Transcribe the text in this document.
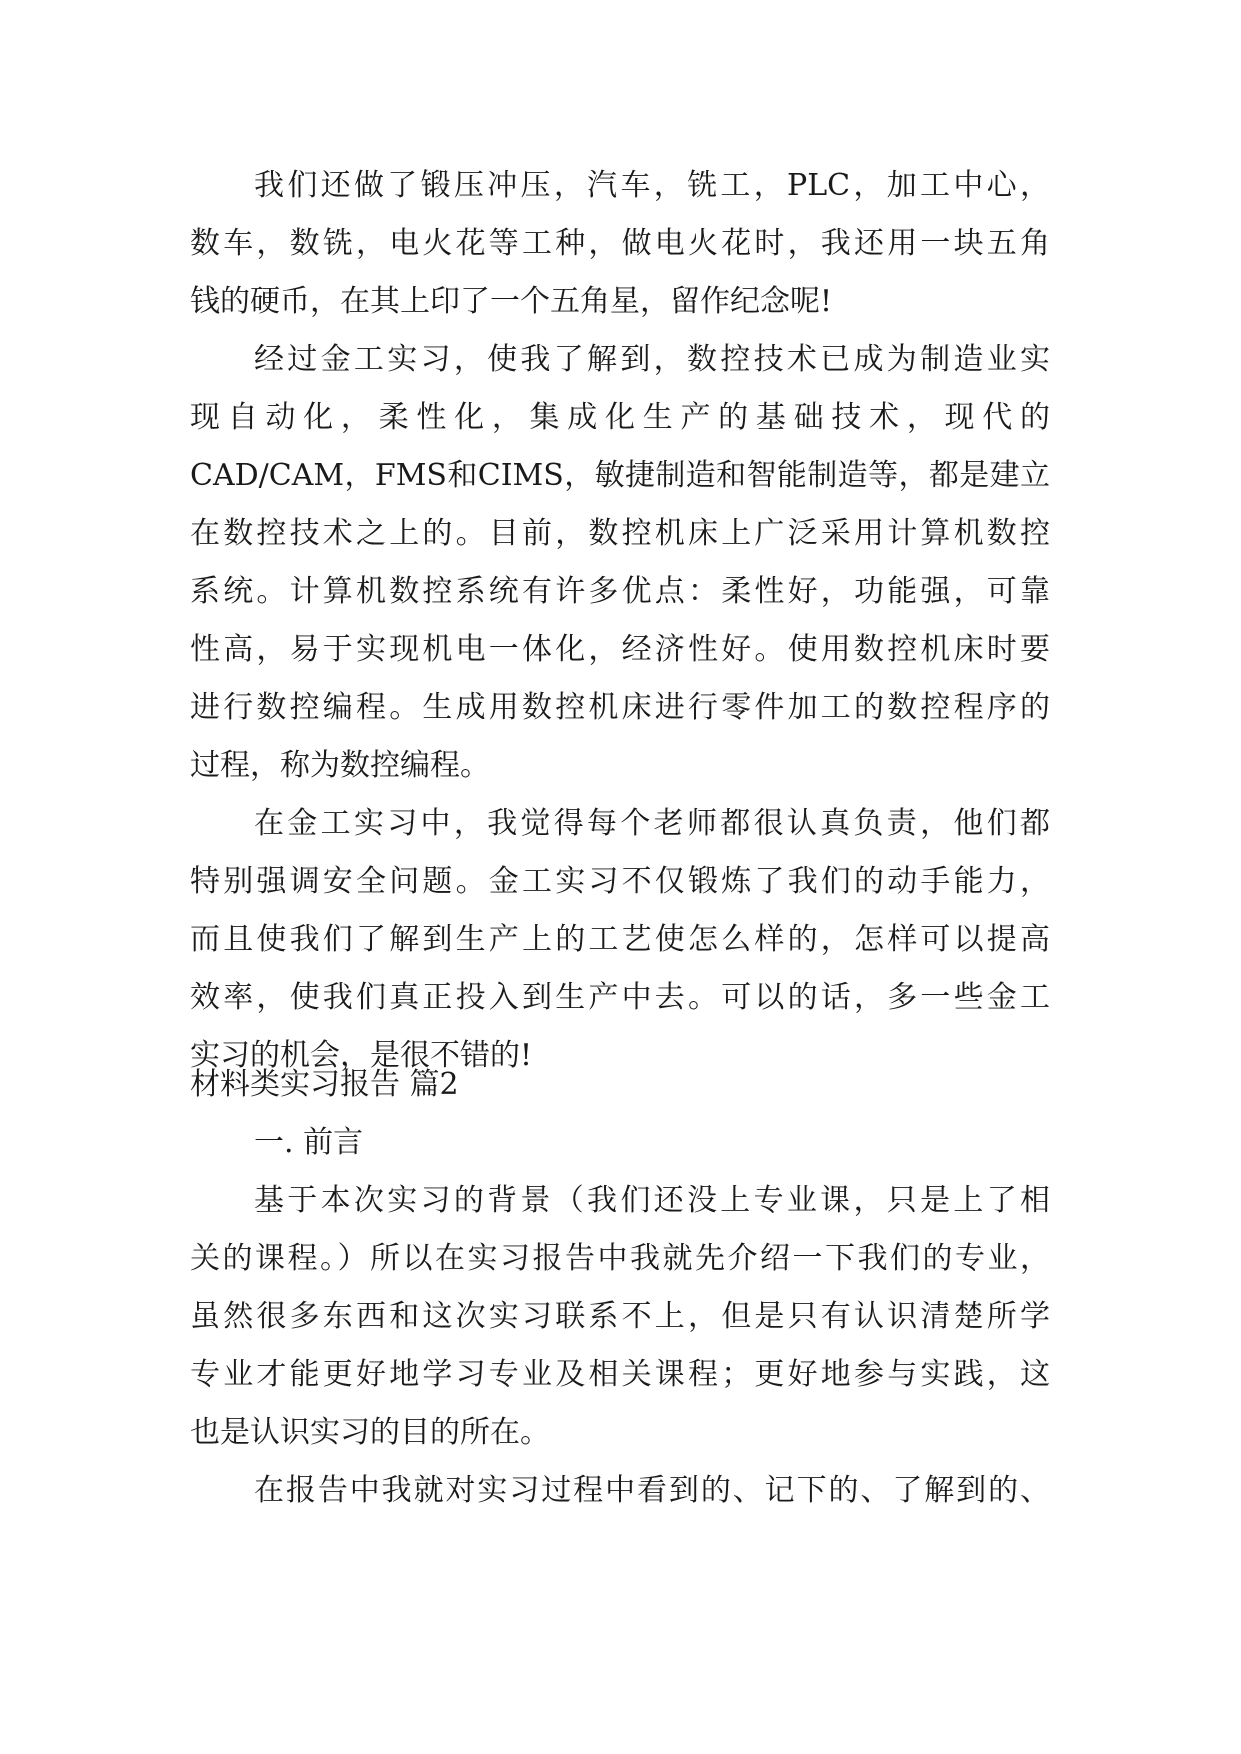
我们还做了锻压冲压，汽车，铣工，PLC，加工中心，
数车，数铣，电火花等工种，做电火花时，我还用一块五角
钱的硬币，在其上印了一个五角星，留作纪念呢!
经过金工实习，使我了解到，数控技术已成为制造业实
现自动化，柔性化，集成化生产的基础技术，现代的
CAD/CAM，FMS和CIMS，敏捷制造和智能制造等，都是建立
在数控技术之上的。目前，数控机床上广泛采用计算机数控
系统。计算机数控系统有许多优点：柔性好，功能强，可靠
性高，易于实现机电一体化，经济性好。使用数控机床时要
进行数控编程。生成用数控机床进行零件加工的数控程序的
过程，称为数控编程。
在金工实习中，我觉得每个老师都很认真负责，他们都
特别强调安全问题。金工实习不仅锻炼了我们的动手能力，
而且使我们了解到生产上的工艺使怎么样的，怎样可以提高
效率，使我们真正投入到生产中去。可以的话，多一些金工
实习的机会，是很不错的!
材料类实习报告 篇2
一. 前言
基于本次实习的背景（我们还没上专业课，只是上了相
关的课程。）所以在实习报告中我就先介绍一下我们的专业，
虽然很多东西和这次实习联系不上，但是只有认识清楚所学
专业才能更好地学习专业及相关课程；更好地参与实践，这
也是认识实习的目的所在。
在报告中我就对实习过程中看到的、记下的、了解到的、
